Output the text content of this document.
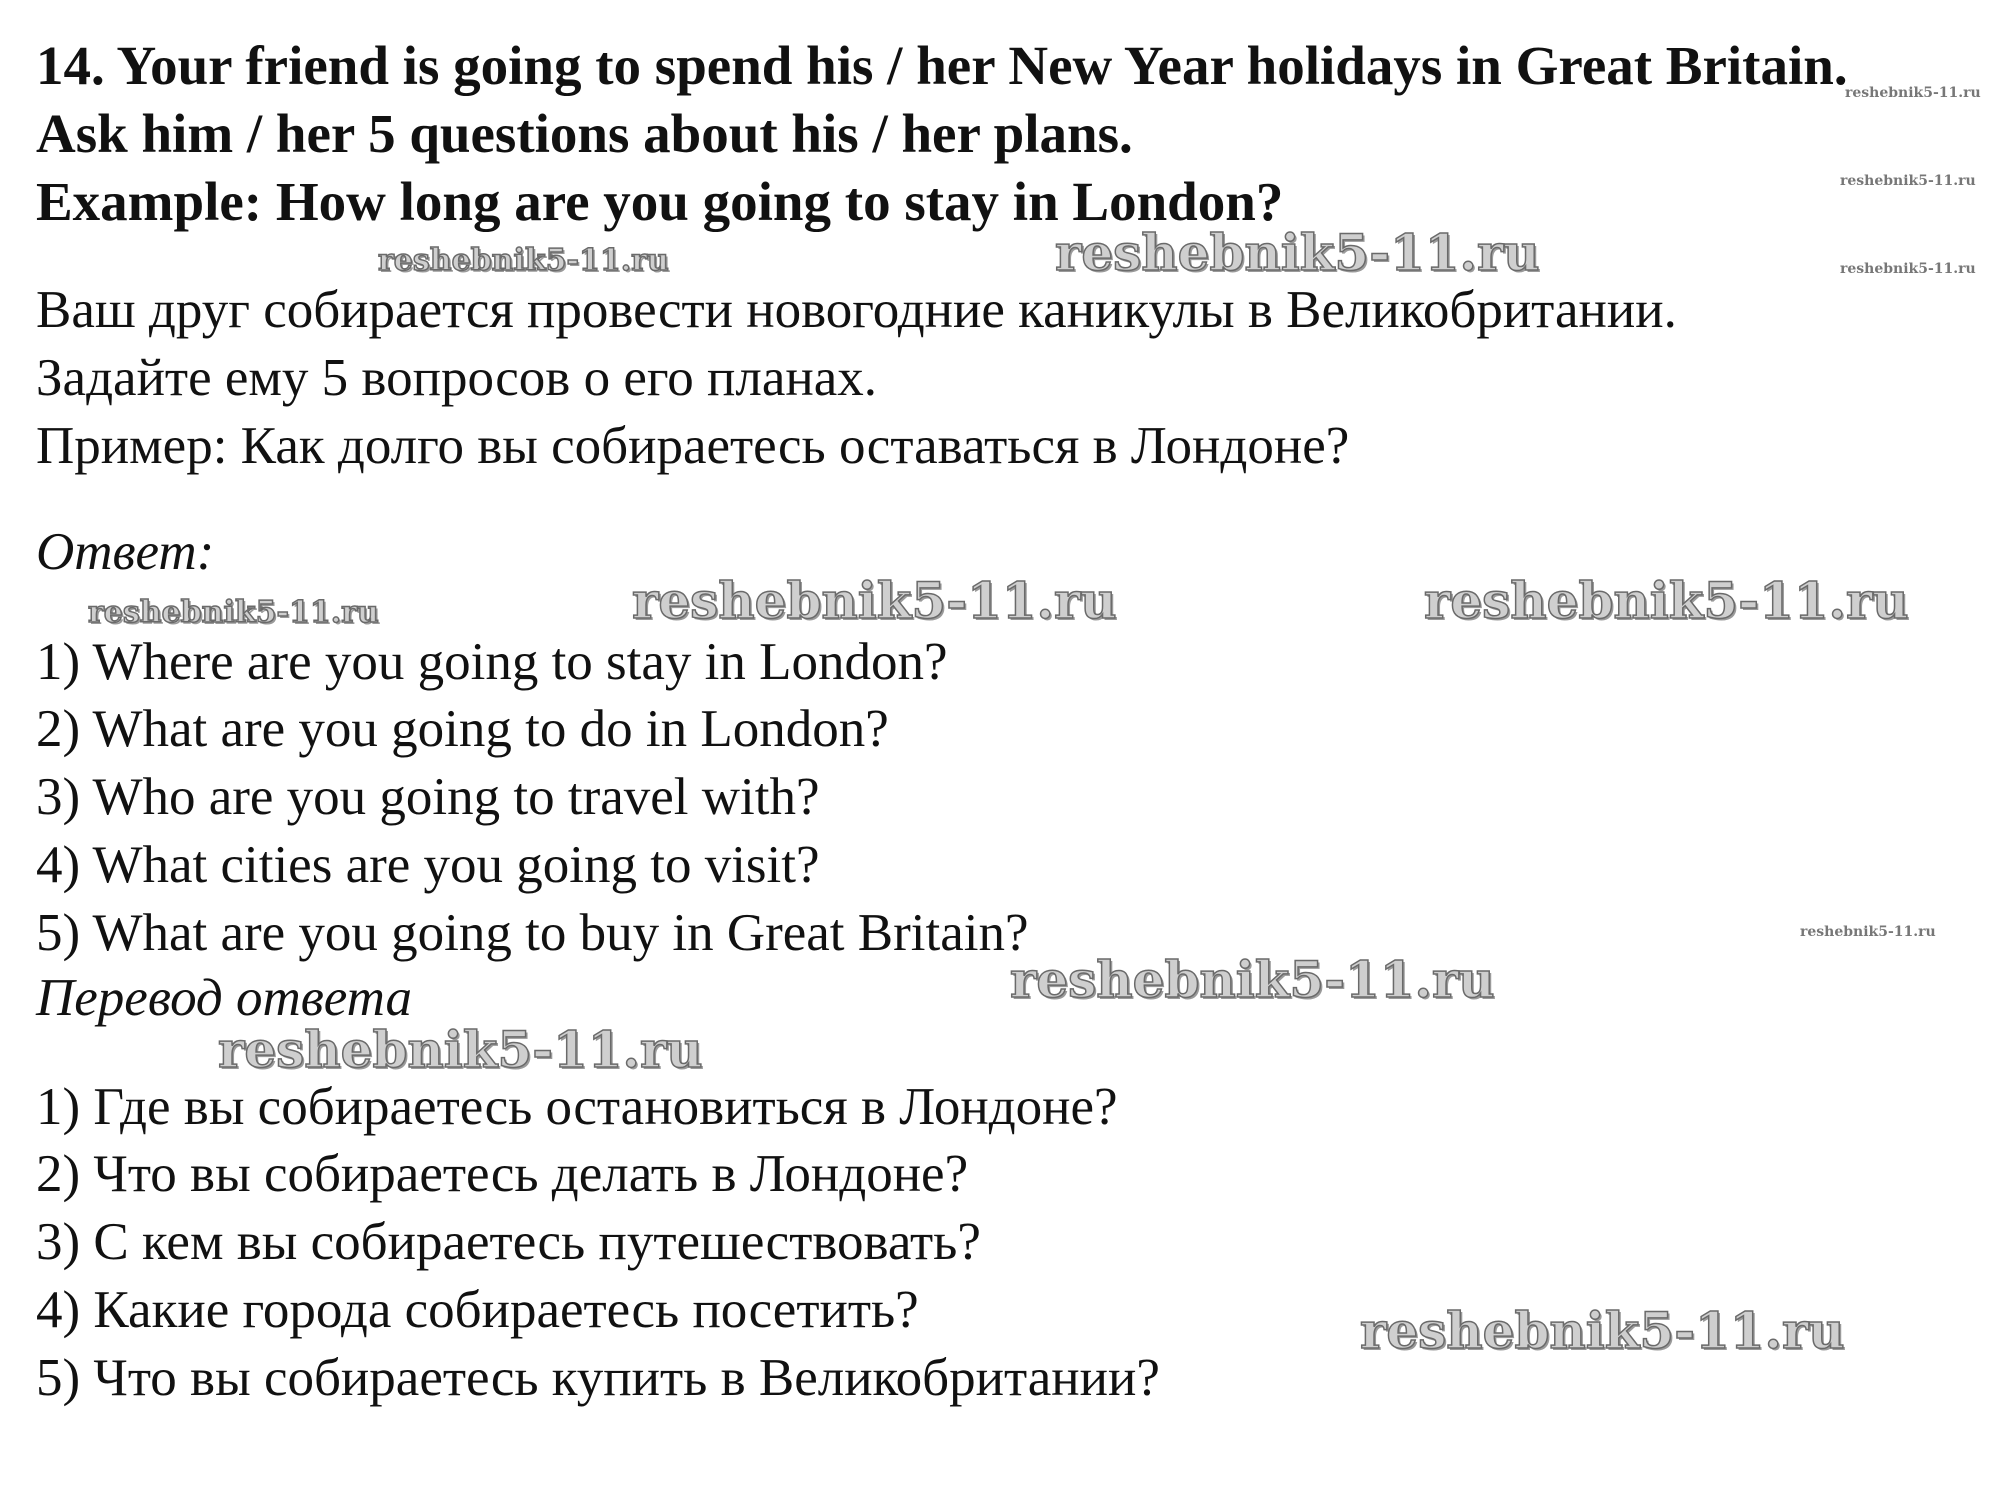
14. Your friend is going to spend his / her New Year holidays in Great Britain.
Ask him / her 5 questions about his / her plans.
Example: How long are you going to stay in London?
Ваш друг собирается провести новогодние каникулы в Великобритании.
Задайте ему 5 вопросов о его планах.
Пример: Как долго вы собираетесь оставаться в Лондоне?
Ответ:
1) Where are you going to stay in London?
2) What are you going to do in London?
3) Who are you going to travel with?
4) What cities are you going to visit?
5) What are you going to buy in Great Britain?
Перевод ответа
1) Где вы собираетесь остановиться в Лондоне?
2) Что вы собираетесь делать в Лондоне?
3) С кем вы собираетесь путешествовать?
4) Какие города собираетесь посетить?
5) Что вы собираетесь купить в Великобритании?
reshebnik5-11.ru
reshebnik5-11.ru
reshebnik5-11.ru
reshebnik5-11.ru	reshebnik5-11.ru
reshebnik5-11.ru	reshebnik5-11.ru	reshebnik5-11.ru
reshebnik5-11.ru
reshebnik5-11.ru
reshebnik5-11.ru
reshebnik5-11.ru
